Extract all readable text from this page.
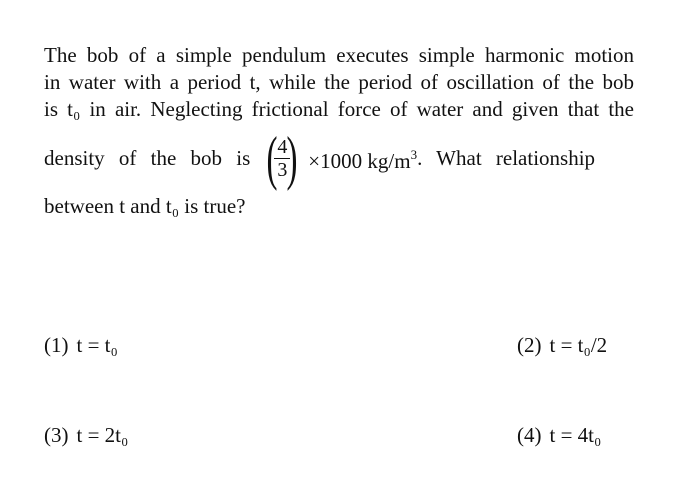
The bob of a simple pendulum executes simple harmonic motion
in water with a period t, while the period of oscillation of the bob
is t₀ in air. Neglecting frictional force of water and given that the
density of the bob is (
$\frac{4}{3}$
) ×1000 $kg/m^3$ . What relationship
between t and t₀ is true?
(1) t = t₀	(2) t = t₀/2
(3) t = 2t₀	(4) t = 4t₀
